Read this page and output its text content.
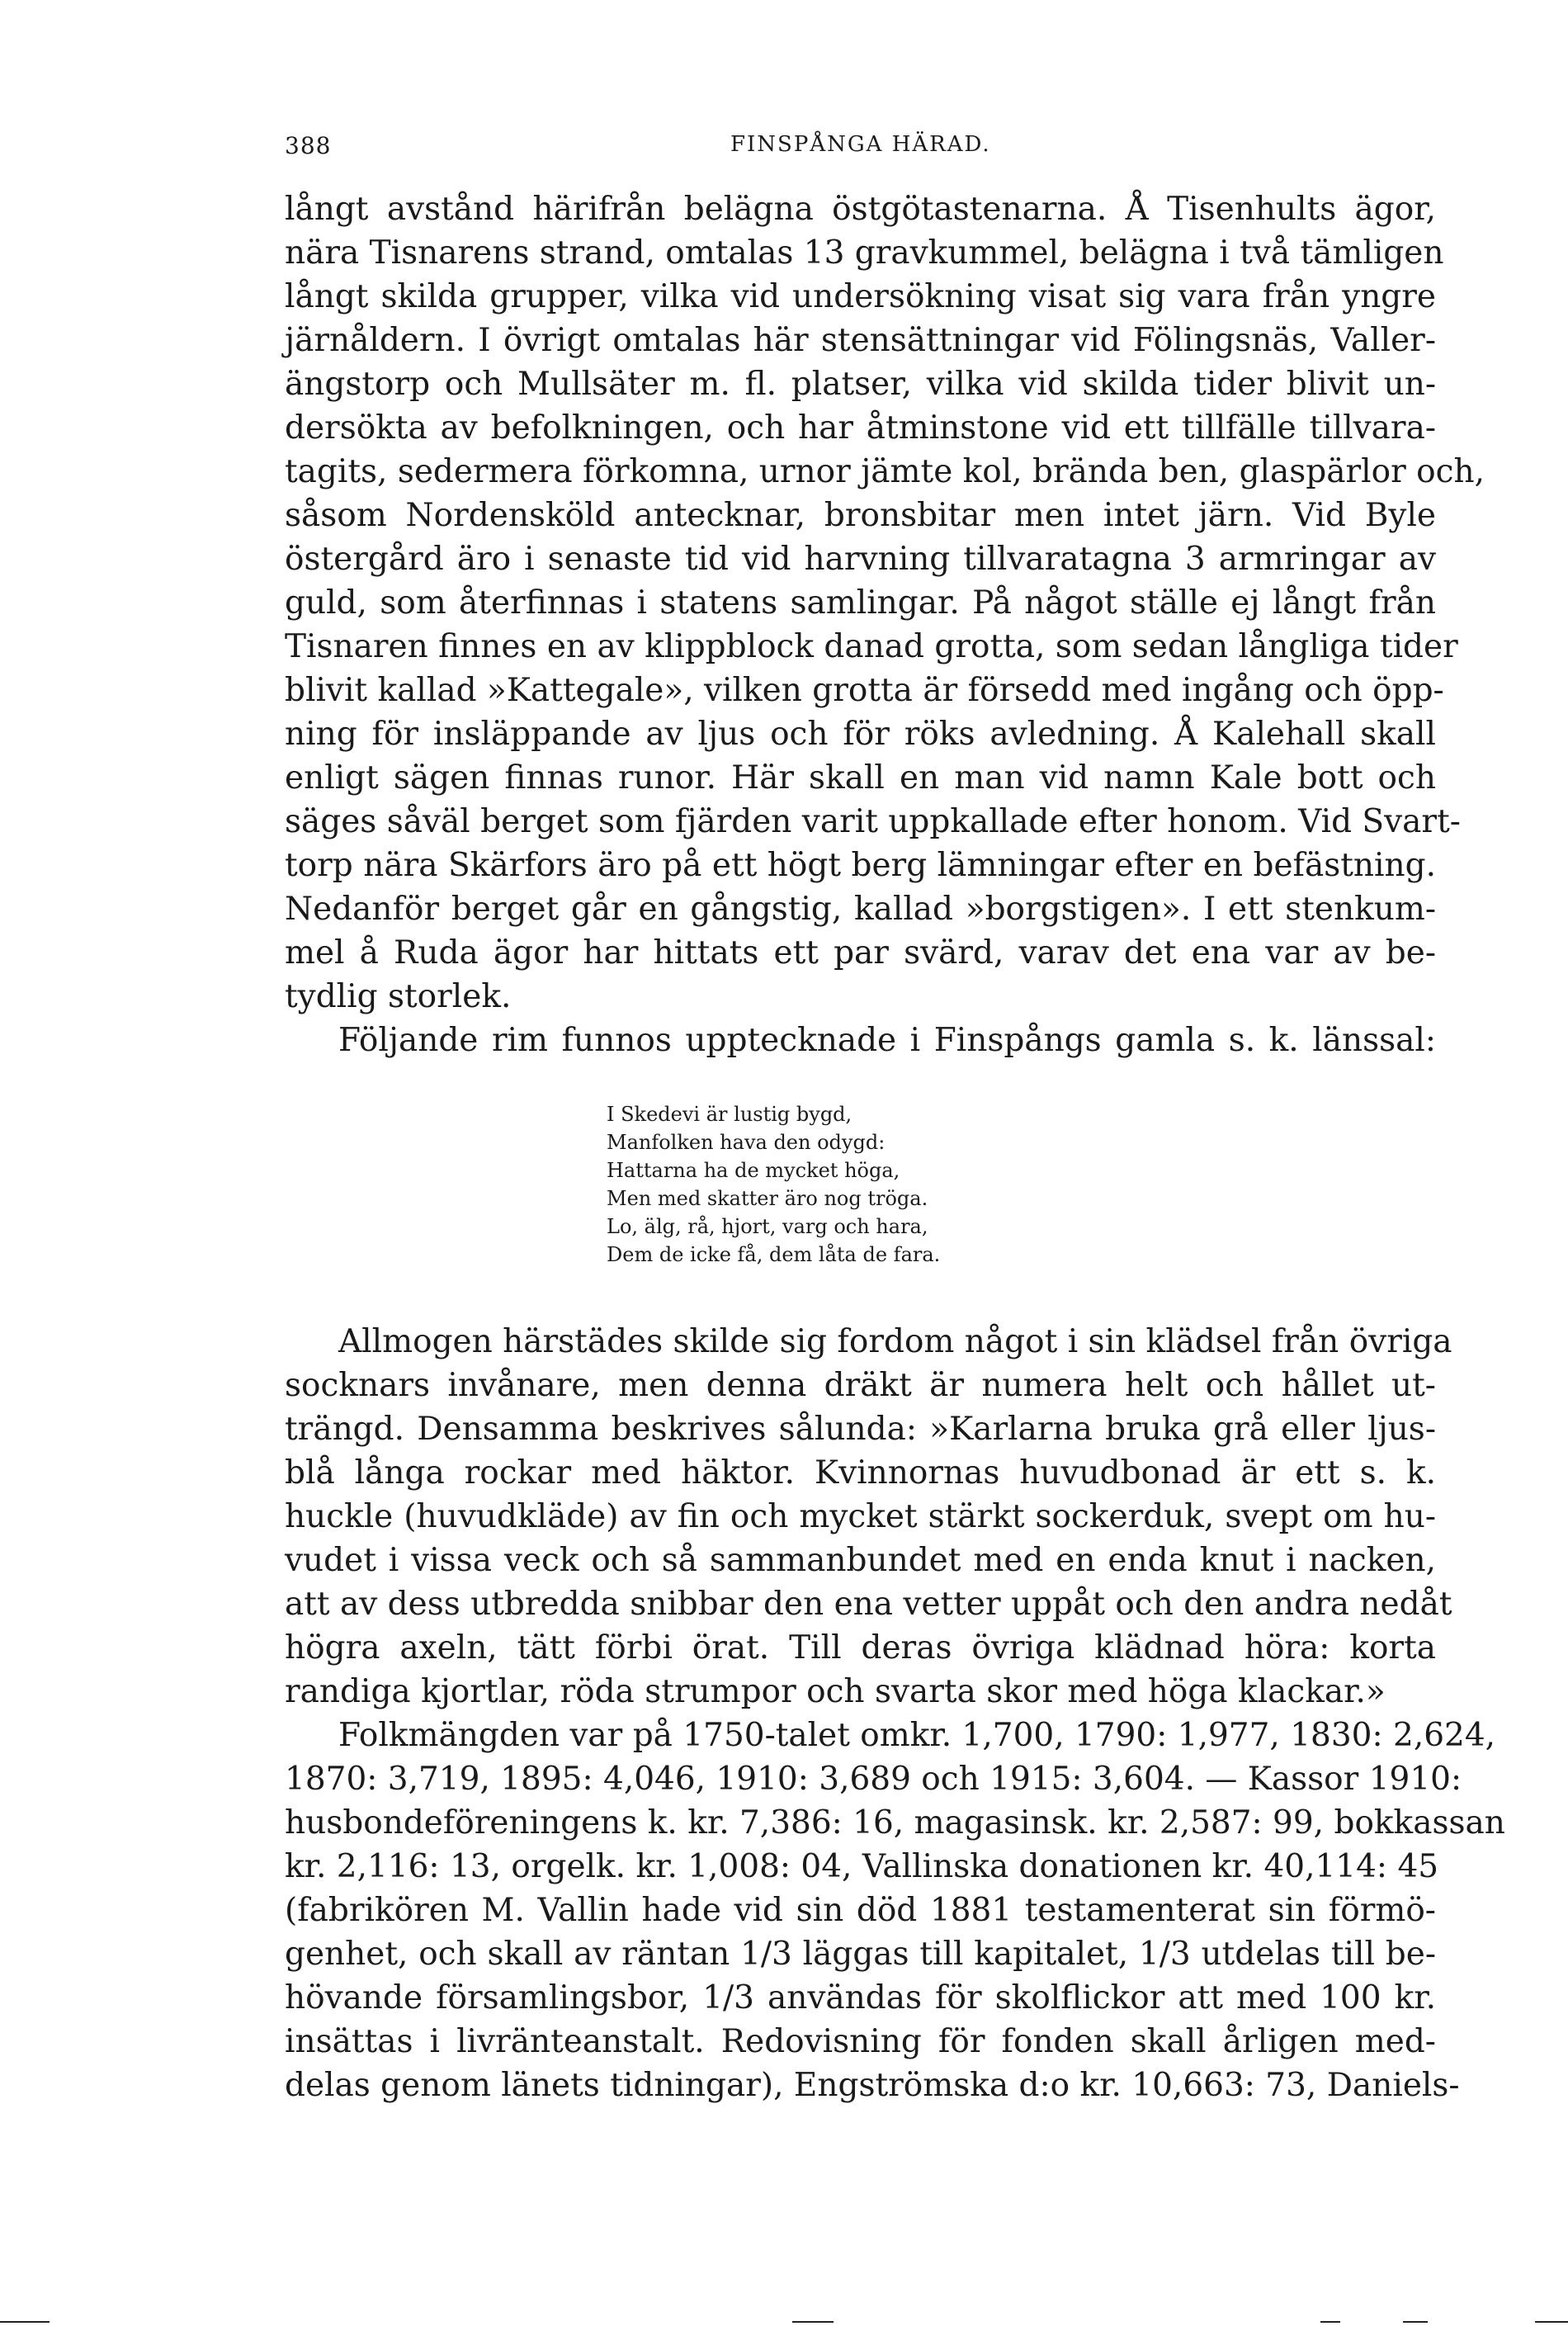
388	FINSPÅNGA HÄRAD.
långt avstånd härifrån belägna östgötastenarna. Å Tisenhults ägor,
nära Tisnarens strand, omtalas 13 gravkummel, belägna i två tämligen
långt skilda grupper, vilka vid undersökning visat sig vara från yngre
järnåldern. I övrigt omtalas här stensättningar vid Fölingsnäs, Valler-
ängstorp och Mullsäter m. fl. platser, vilka vid skilda tider blivit un-
dersökta av befolkningen, och har åtminstone vid ett tillfälle tillvara-
tagits, sedermera förkomna, urnor jämte kol, brända ben, glaspärlor och,
såsom Nordensköld antecknar, bronsbitar men intet järn. Vid Byle
östergård äro i senaste tid vid harvning tillvaratagna 3 armringar av
guld, som återfinnas i statens samlingar. På något ställe ej långt från
Tisnaren finnes en av klippblock danad grotta, som sedan långliga tider
blivit kallad »Kattegale», vilken grotta är försedd med ingång och öpp-
ning för insläppande av ljus och för röks avledning. Å Kalehall skall
enligt sägen finnas runor. Här skall en man vid namn Kale bott och
säges såväl berget som fjärden varit uppkallade efter honom. Vid Svart-
torp nära Skärfors äro på ett högt berg lämningar efter en befästning.
Nedanför berget går en gångstig, kallad »borgstigen». I ett stenkum-
mel å Ruda ägor har hittats ett par svärd, varav det ena var av be-
tydlig storlek.
Följande rim funnos upptecknade i Finspångs gamla s. k. länssal:
I Skedevi är lustig bygd,
Manfolken hava den odygd:
Hattarna ha de mycket höga,
Men med skatter äro nog tröga.
Lo, älg, rå, hjort, varg och hara,
Dem de icke få, dem låta de fara.
Allmogen härstädes skilde sig fordom något i sin klädsel från övriga
socknars invånare, men denna dräkt är numera helt och hållet ut-
trängd. Densamma beskrives sålunda: »Karlarna bruka grå eller ljus-
blå långa rockar med häktor. Kvinnornas huvudbonad är ett s. k.
huckle (huvudkläde) av fin och mycket stärkt sockerduk, svept om hu-
vudet i vissa veck och så sammanbundet med en enda knut i nacken,
att av dess utbredda snibbar den ena vetter uppåt och den andra nedåt
högra axeln, tätt förbi örat. Till deras övriga klädnad höra: korta
randiga kjortlar, röda strumpor och svarta skor med höga klackar.»
Folkmängden var på 1750-talet omkr. 1,700, 1790: 1,977, 1830: 2,624,
1870: 3,719, 1895: 4,046, 1910: 3,689 och 1915: 3,604. — Kassor 1910:
husbondeföreningens k. kr. 7,386: 16, magasinsk. kr. 2,587: 99, bokkassan
kr. 2,116: 13, orgelk. kr. 1,008: 04, Vallinska donationen kr. 40,114: 45
(fabrikören M. Vallin hade vid sin död 1881 testamenterat sin förmö-
genhet, och skall av räntan 1/3 läggas till kapitalet, 1/3 utdelas till be-
hövande församlingsbor, 1/3 användas för skolflickor att med 100 kr.
insättas i livränteanstalt. Redovisning för fonden skall årligen med-
delas genom länets tidningar), Engströmska d:o kr. 10,663: 73, Daniels-
